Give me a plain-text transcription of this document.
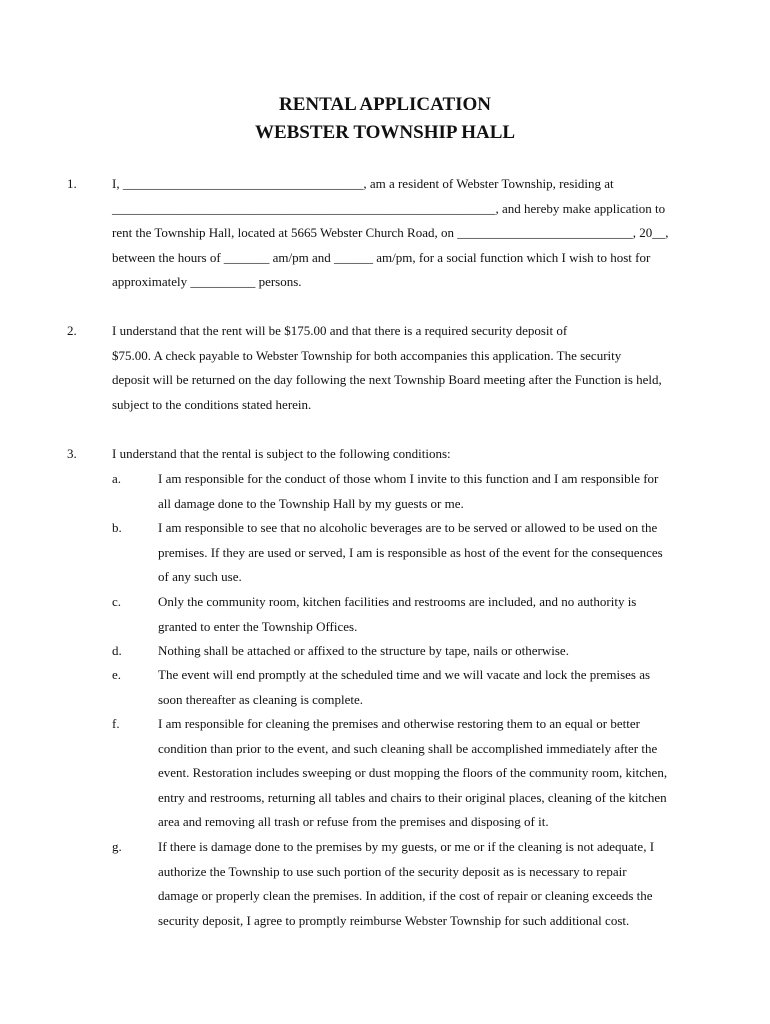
RENTAL APPLICATION
WEBSTER TOWNSHIP HALL
1.	I, _____________________________________, am a resident of Webster Township, residing at
___________________________________________________________, and hereby make application to
rent the Township Hall, located at 5665 Webster Church Road, on ___________________________, 20__,
between the hours of _______ am/pm and ______ am/pm, for a social function which I wish to host for
approximately __________ persons.
2.	I understand that the rent will be $175.00 and that there is a required security deposit of
$75.00. A check payable to Webster Township for both accompanies this application. The security
deposit will be returned on the day following the next Township Board meeting after the Function is held,
subject to the conditions stated herein.
3.	I understand that the rental is subject to the following conditions:
a.	I am responsible for the conduct of those whom I invite to this function and I am responsible for
all damage done to the Township Hall by my guests or me.
b.	I am responsible to see that no alcoholic beverages are to be served or allowed to be used on the
premises. If they are used or served, I am is responsible as host of the event for the consequences
of any such use.
c.	Only the community room, kitchen facilities and restrooms are included, and no authority is
granted to enter the Township Offices.
d.	Nothing shall be attached or affixed to the structure by tape, nails or otherwise.
e.	The event will end promptly at the scheduled time and we will vacate and lock the premises as
soon thereafter as cleaning is complete.
f.	I am responsible for cleaning the premises and otherwise restoring them to an equal or better
condition than prior to the event, and such cleaning shall be accomplished immediately after the
event. Restoration includes sweeping or dust mopping the floors of the community room, kitchen,
entry and restrooms, returning all tables and chairs to their original places, cleaning of the kitchen
area and removing all trash or refuse from the premises and disposing of it.
g.	If there is damage done to the premises by my guests, or me or if the cleaning is not adequate, I
authorize the Township to use such portion of the security deposit as is necessary to repair
damage or properly clean the premises. In addition, if the cost of repair or cleaning exceeds the
security deposit, I agree to promptly reimburse Webster Township for such additional cost.
